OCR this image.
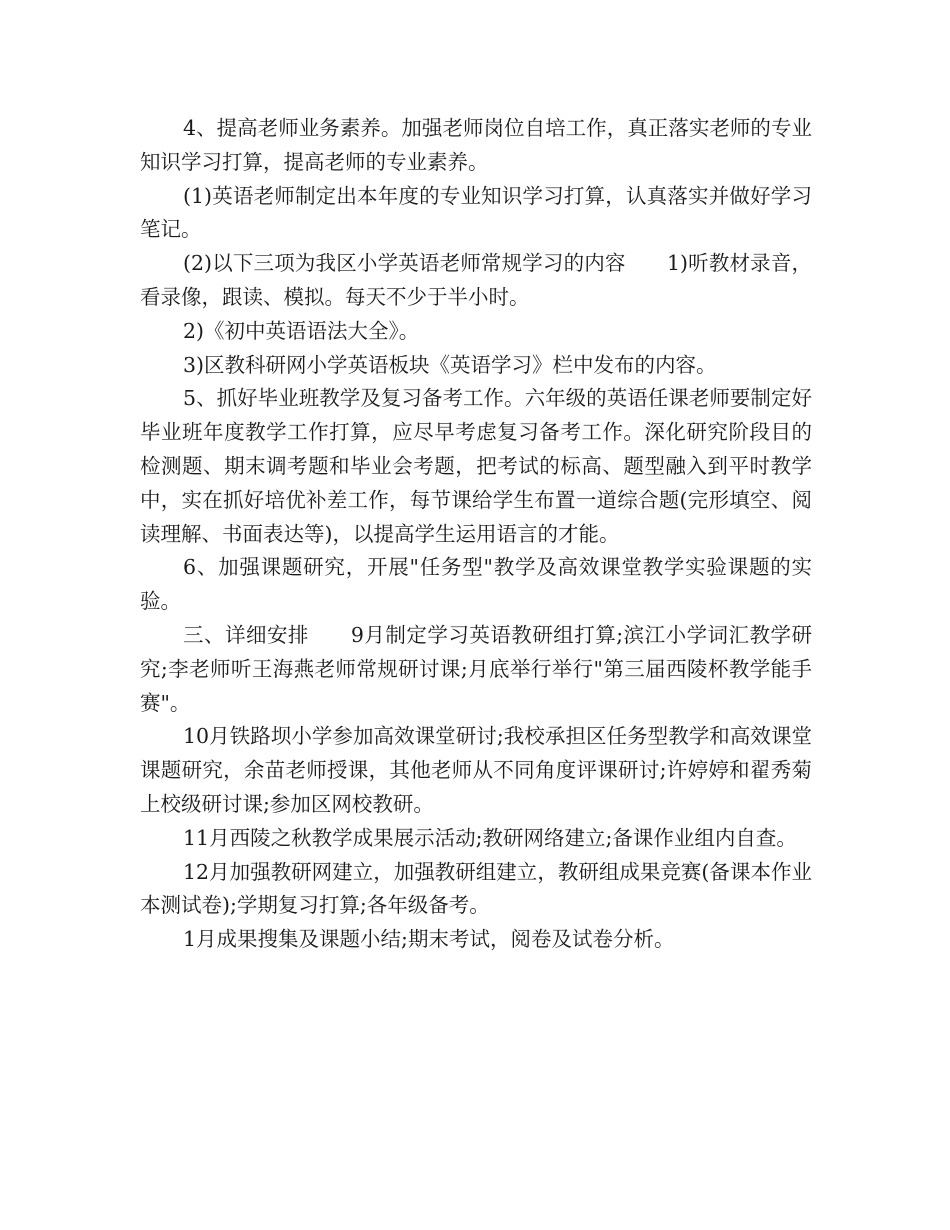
4、提高老师业务素养。加强老师岗位自培工作，真正落实老师的专业知识学习打算，提高老师的专业素养。

(1)英语老师制定出本年度的专业知识学习打算，认真落实并做好学习笔记。

(2)以下三项为我区小学英语老师常规学习的内容　　1)听教材录音，看录像，跟读、模拟。每天不少于半小时。

2)《初中英语语法大全》。

3)区教科研网小学英语板块《英语学习》栏中发布的内容。

5、抓好毕业班教学及复习备考工作。六年级的英语任课老师要制定好毕业班年度教学工作打算，应尽早考虑复习备考工作。深化研究阶段目的检测题、期末调考题和毕业会考题，把考试的标高、题型融入到平时教学中，实在抓好培优补差工作，每节课给学生布置一道综合题(完形填空、阅读理解、书面表达等)，以提高学生运用语言的才能。

6、加强课题研究，开展"任务型"教学及高效课堂教学实验课题的实验。

三、详细安排　　9月制定学习英语教研组打算;滨江小学词汇教学研究;李老师听王海燕老师常规研讨课;月底举行举行"第三届西陵杯教学能手赛"。

10月铁路坝小学参加高效课堂研讨;我校承担区任务型教学和高效课堂课题研究，余苗老师授课，其他老师从不同角度评课研讨;许婷婷和翟秀菊上校级研讨课;参加区网校教研。

11月西陵之秋教学成果展示活动;教研网络建立;备课作业组内自查。

12月加强教研网建立，加强教研组建立，教研组成果竞赛(备课本作业本测试卷);学期复习打算;各年级备考。

1月成果搜集及课题小结;期末考试，阅卷及试卷分析。
